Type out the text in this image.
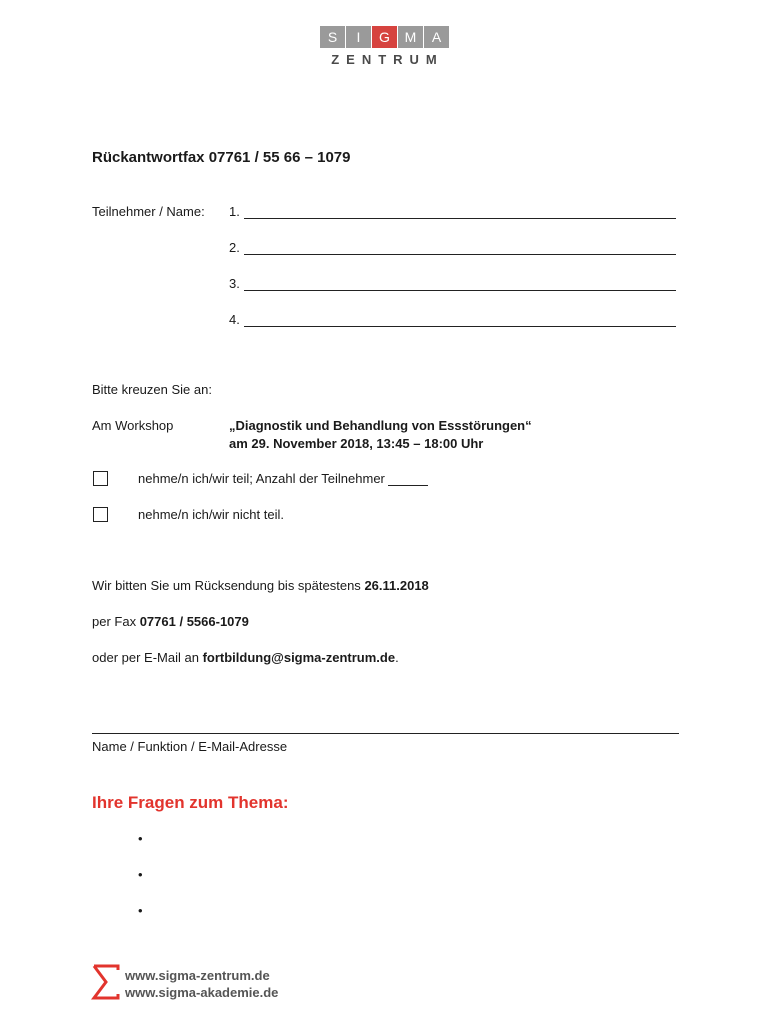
S	I	G	M	A
ZENTRUM
Rückantwortfax 07761 / 55 66 – 1079
Teilnehmer / Name: 1.
2.
3.
4.
Bitte kreuzen Sie an:
Am Workshop	„Diagnostik und Behandlung von Essstörungen“
am 29. November 2018, 13:45 – 18:00 Uhr
nehme/n ich/wir teil; Anzahl der Teilnehmer
nehme/n ich/wir nicht teil.
Wir bitten Sie um Rücksendung bis spätestens 26.11.2018
per Fax 07761 / 5566-1079
oder per E-Mail an fortbildung@sigma-zentrum.de.
Name / Funktion / E-Mail-Adresse
Ihre Fragen zum Thema:
•
•
•
www.sigma-zentrum.de
www.sigma-akademie.de
